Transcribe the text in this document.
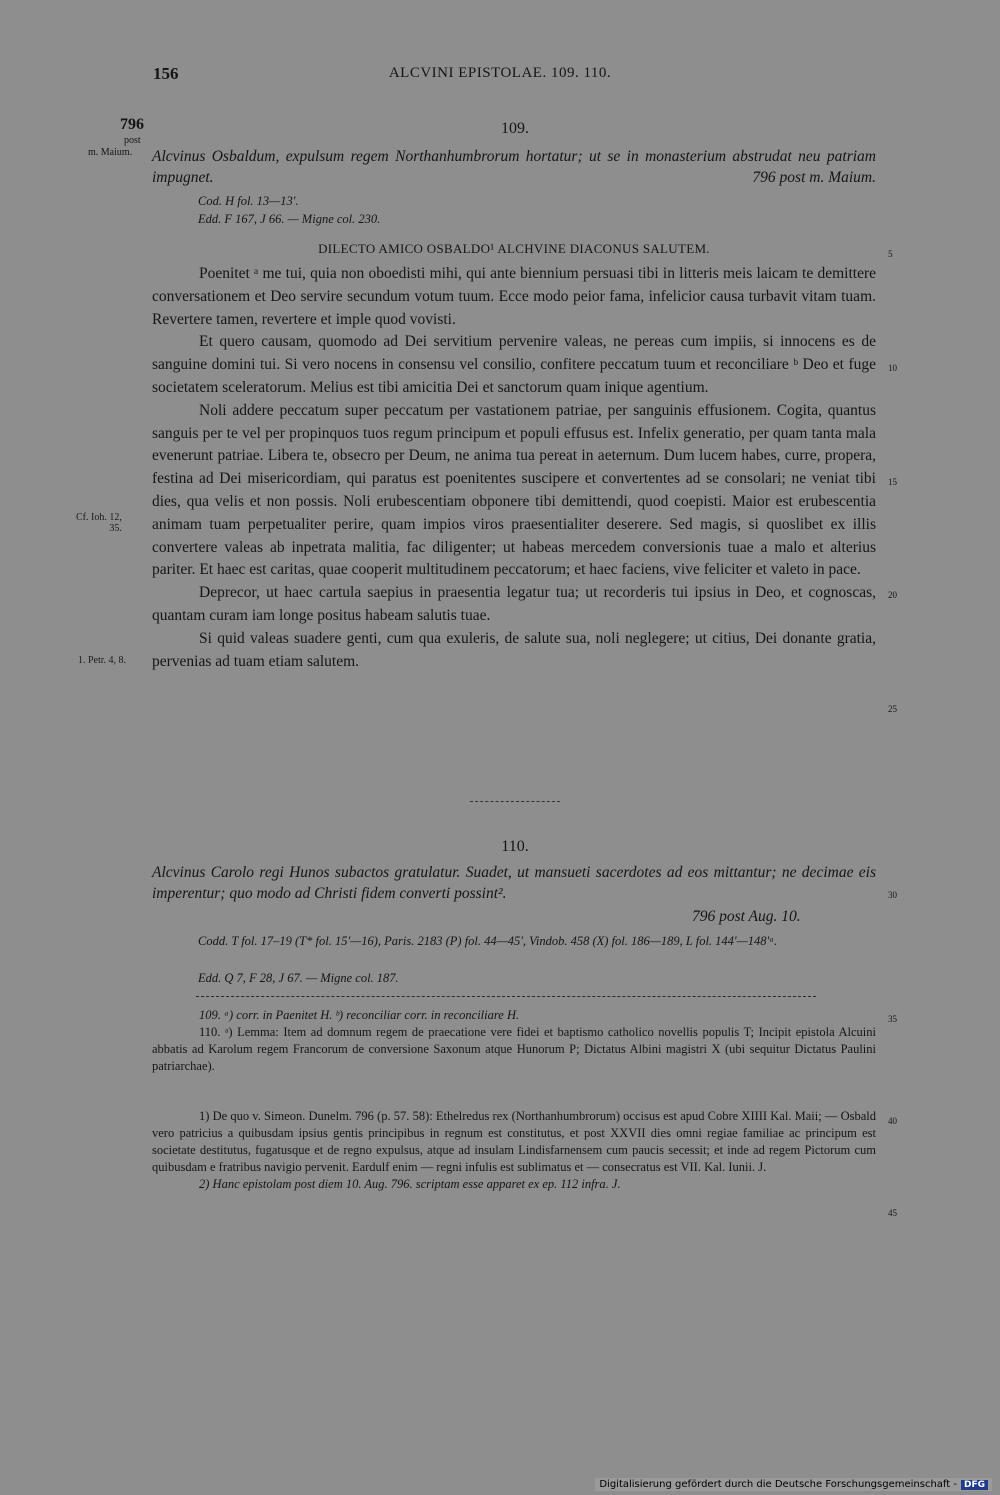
156	ALCVINI EPISTOLAE. 109. 110.
796
post
m. Maium.
109.
Alcvinus Osbaldum, expulsum regem Northanhumbrorum hortatur; ut se in monasterium abstrudat neu patriam impugnet.	796 post m. Maium.
Cod. H fol. 13—13'.
Edd. F 167, J 66. — Migne col. 230.
DILECTO AMICO OSBALDO¹ ALCHVINE DIACONUS SALUTEM.

Poenitet ᵃ me tui, quia non oboedisti mihi, qui ante biennium persuasi tibi in litteris meis laicam te demittere conversationem et Deo servire secundum votum tuum. Ecce modo peior fama, infelicior causa turbavit vitam tuam. Revertere tamen, revertere et imple quod vovisti.

Et quero causam, quomodo ad Dei servitium pervenire valeas, ne pereas cum impiis, si innocens es de sanguine domini tui. Si vero nocens in consensu vel consilio, confitere peccatum tuum et reconciliare ᵇ Deo et fuge societatem sceleratorum. Melius est tibi amicitia Dei et sanctorum quam inique agentium.

Noli addere peccatum super peccatum per vastationem patriae, per sanguinis effusionem. Cogita, quantus sanguis per te vel per propinquos tuos regum principum et populi effusus est. Infelix generatio, per quam tanta mala evenerunt patriae. Libera te, obsecro per Deum, ne anima tua pereat in aeternum. Dum lucem habes, curre, propera, festina ad Dei misericordiam, qui paratus est poenitentes suscipere et convertentes ad se consolari; ne veniat tibi dies, qua velis et non possis. Noli erubescentiam obponere tibi demittendi, quod coepisti. Maior est erubescentia animam tuam perpetualiter perire, quam impios viros praesentialiter deserere. Sed magis, si quoslibet ex illis convertere valeas ab inpetrata malitia, fac diligenter; ut habeas mercedem conversionis tuae a malo et alterius pariter. Et haec est caritas, quae cooperit multitudinem peccatorum; et haec faciens, vive feliciter et valeto in pace.

Deprecor, ut haec cartula saepius in praesentia legatur tua; ut recorderis tui ipsius in Deo, et cognoscas, quantam curam iam longe positus habeam salutis tuae.

Si quid valeas suadere genti, cum qua exuleris, de salute sua, noli neglegere; ut citius, Dei donante gratia, pervenias ad tuam etiam salutem.

Cf. Ioh. 12,
35.
1. Petr. 4, 8.
5
10
15
20
25
30
35
40
45
110.
Alcvinus Carolo regi Hunos subactos gratulatur. Suadet, ut mansueti sacerdotes ad eos mittantur; ne decimae eis imperentur; quo modo ad Christi fidem converti possint².
796 post Aug. 10.
Codd. T fol. 17–19 (T* fol. 15'—16), Paris. 2183 (P) fol. 44—45', Vindob. 458 (X) fol. 186—189, L fol. 144'—148'ᵃ.
Edd. Q 7, F 28, J 67. — Migne col. 187.

109. ᵃ) corr. in Paenitet H. ᵇ) reconciliar corr. in reconciliare H.

110. ᵃ) Lemma: Item ad domnum regem de praecatione vere fidei et baptismo catholico novellis populis T; Incipit epistola Alcuini abbatis ad Karolum regem Francorum de conversione Saxonum atque Hunorum P; Dictatus Albini magistri X (ubi sequitur Dictatus Paulini patriarchae).

1) De quo v. Simeon. Dunelm. 796 (p. 57. 58): Ethelredus rex (Northanhumbrorum) occisus est apud Cobre XIIII Kal. Maii; — Osbald vero patricius a quibusdam ipsius gentis principibus in regnum est constitutus, et post XXVII dies omni regiae familiae ac principum est societate destitutus, fugatusque et de regno expulsus, atque ad insulam Lindisfarnensem cum paucis secessit; et inde ad regem Pictorum cum quibusdam e fratribus navigio pervenit. Eardulf enim — regni infulis est sublimatus et — consecratus est VII. Kal. Iunii. J.

2) Hanc epistolam post diem 10. Aug. 796. scriptam esse apparet ex ep. 112 infra. J.

Digitalisierung gefördert durch die Deutsche Forschungsgemeinschaft - DFG
